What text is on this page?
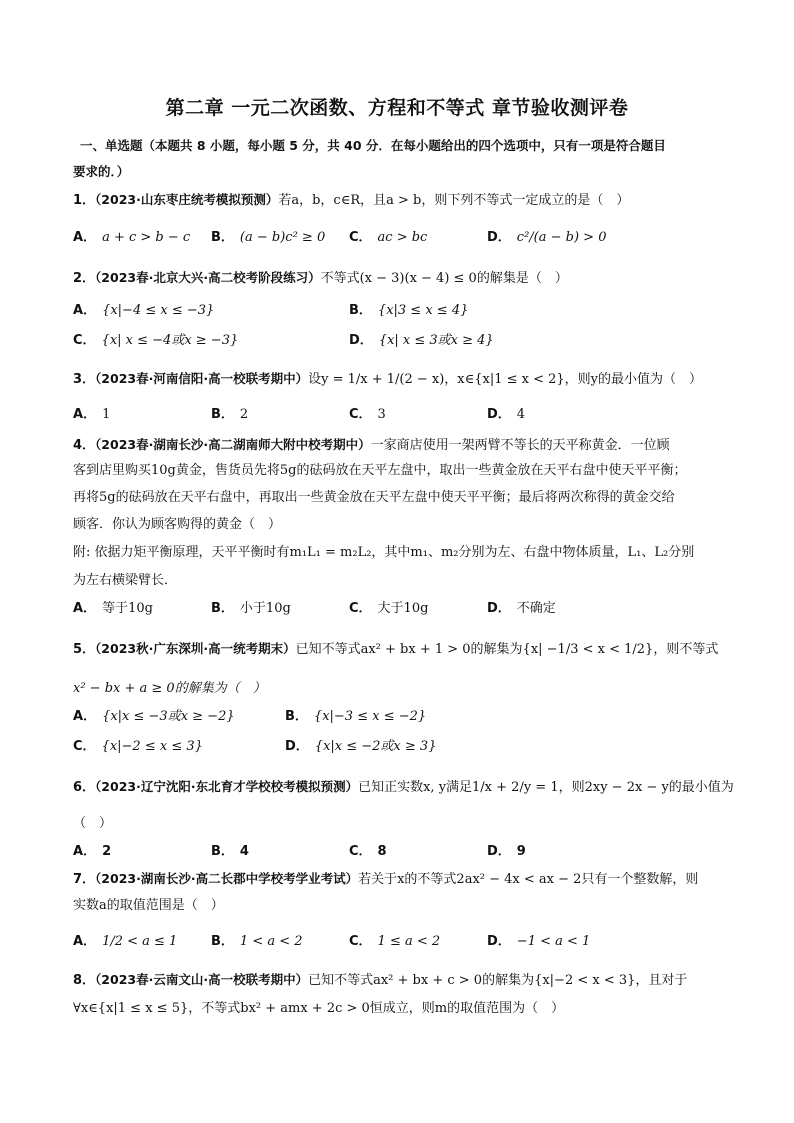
第二章 一元二次函数、方程和不等式 章节验收测评卷
一、单选题（本题共 8 小题，每小题 5 分，共 40 分．在每小题给出的四个选项中，只有一项是符合题目
要求的．）
1．（2023·山东枣庄统考模拟预测）若a，b，c∈R，且a > b，则下列不等式一定成立的是（　）
A． a + c > b − c B． (a − b)c² ≥ 0 C． ac > bc	D． c²/(a − b) > 0
2．（2023春·北京大兴·高二校考阶段练习）不等式(x − 3)(x − 4) ≤ 0的解集是（　）
A． {x|−4 ≤ x ≤ −3}	B． {x|3 ≤ x ≤ 4}
C． {x| x ≤ −4或x ≥ −3}	D． {x| x ≤ 3或x ≥ 4}
3．（2023春·河南信阳·高一校联考期中）设y = 1/x + 1/(2 − x)，x∈{x|1 ≤ x < 2}，则y的最小值为（　）
A． 1	B． 2	C． 3	D． 4
4．（2023春·湖南长沙·高二湖南师大附中校考期中）一家商店使用一架两臂不等长的天平称黄金．一位顾
客到店里购买10g黄金，售货员先将5g的砝码放在天平左盘中，取出一些黄金放在天平右盘中使天平平衡；
再将5g的砝码放在天平右盘中，再取出一些黄金放在天平左盘中使天平平衡；最后将两次称得的黄金交给
顾客．你认为顾客购得的黄金（　）
附: 依据力矩平衡原理，天平平衡时有m₁L₁ = m₂L₂，其中m₁、m₂分别为左、右盘中物体质量，L₁、L₂分别
为左右横梁臂长．
A． 等于10g	B． 小于10g	C． 大于10g	D． 不确定
5．（2023秋·广东深圳·高一统考期末）已知不等式ax² + bx + 1 > 0的解集为{x| −1/3 < x < 1/2}，则不等式
x² − bx + a ≥ 0的解集为（　）
A． {x|x ≤ −3或x ≥ −2}	B． {x|−3 ≤ x ≤ −2}
C． {x|−2 ≤ x ≤ 3}	D． {x|x ≤ −2或x ≥ 3}
6．（2023·辽宁沈阳·东北育才学校校考模拟预测）已知正实数x, y满足1/x + 2/y = 1，则2xy − 2x − y的最小值为
（　）
A． 2	B． 4	C． 8	D． 9
7．（2023·湖南长沙·高二长郡中学校考学业考试）若关于x的不等式2ax² − 4x < ax − 2只有一个整数解，则
实数a的取值范围是（　）
A． 1/2 < a ≤ 1	B． 1 < a < 2	C． 1 ≤ a < 2	D． −1 < a < 1
8．（2023春·云南文山·高一校联考期中）已知不等式ax² + bx + c > 0的解集为{x|−2 < x < 3}，且对于
∀x∈{x|1 ≤ x ≤ 5}，不等式bx² + amx + 2c > 0恒成立，则m的取值范围为（　）
